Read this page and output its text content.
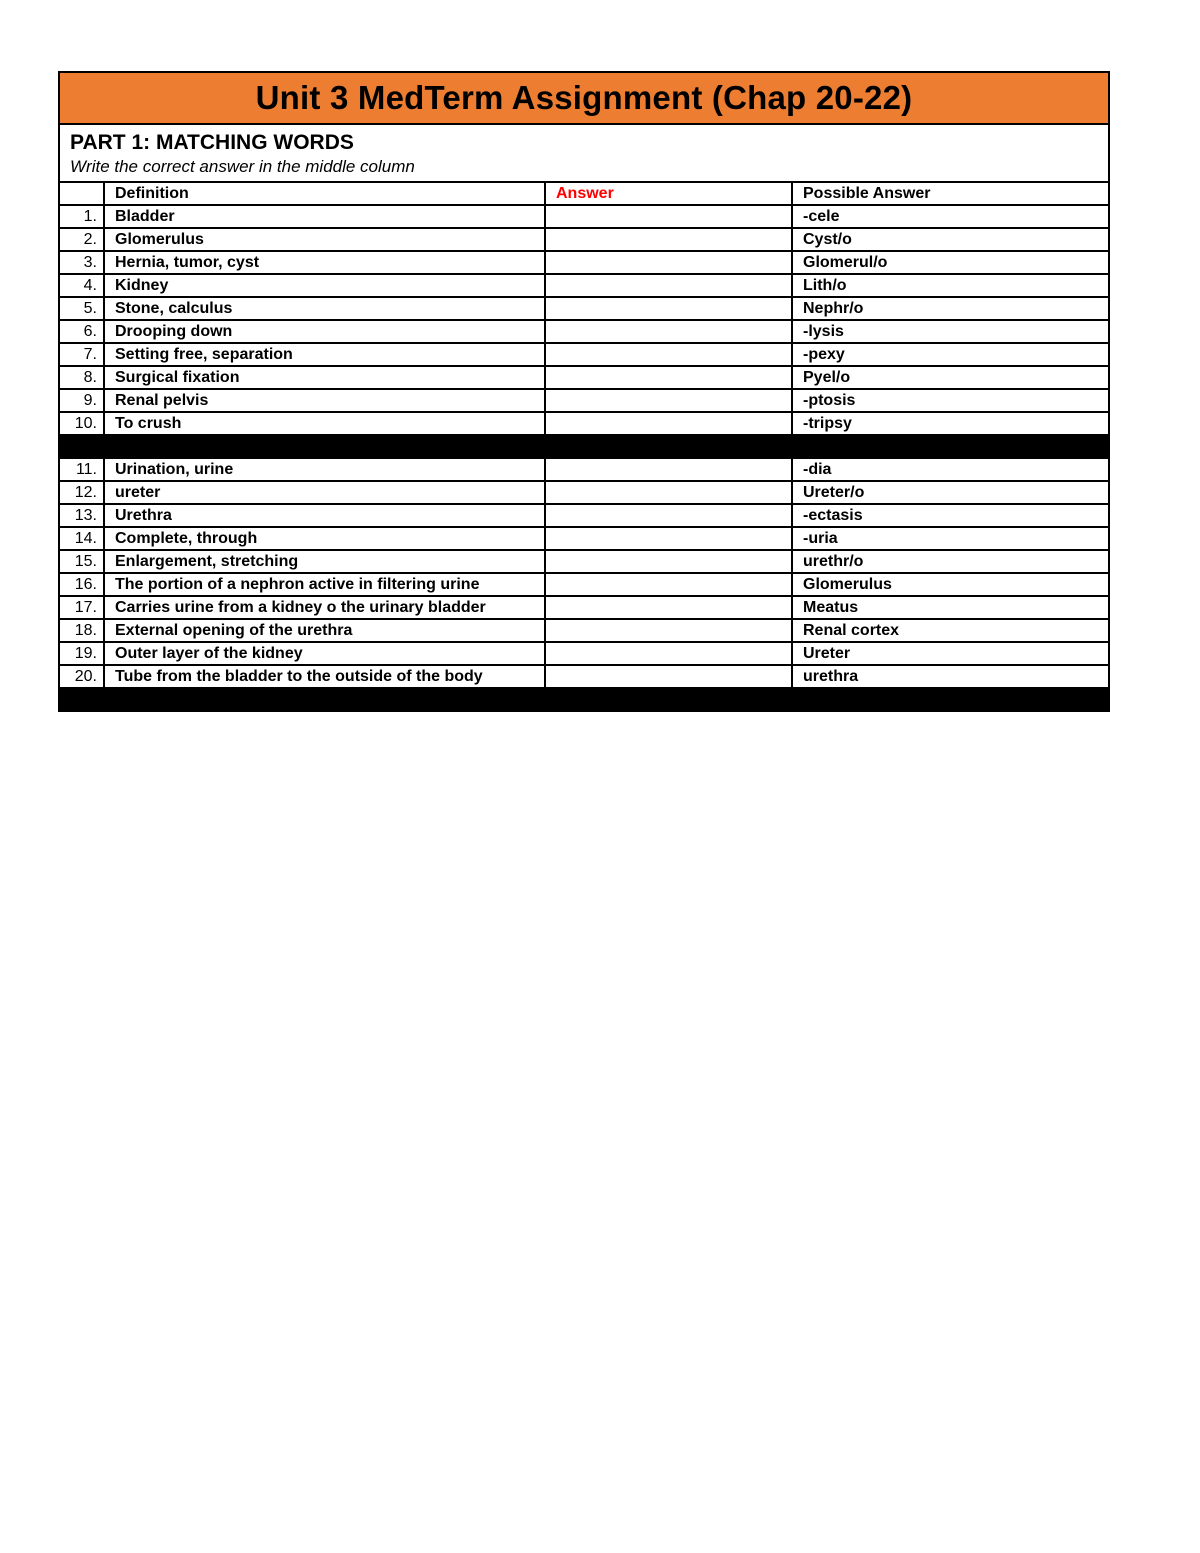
Unit 3 MedTerm Assignment (Chap 20-22)
PART 1: MATCHING WORDS
Write the correct answer in the middle column
	Definition	Answer	Possible Answer
1.	Bladder		-cele
2.	Glomerulus		Cyst/o
3.	Hernia, tumor, cyst		Glomerul/o
4.	Kidney		Lith/o
5.	Stone, calculus		Nephr/o
6.	Drooping down		-lysis
7.	Setting free, separation		-pexy
8.	Surgical fixation		Pyel/o
9.	Renal pelvis		-ptosis
10.	To crush		-tripsy

11.	Urination, urine		-dia
12.	ureter		Ureter/o
13.	Urethra		-ectasis
14.	Complete, through		-uria
15.	Enlargement, stretching		urethr/o
16.	The portion of a nephron active in filtering urine		Glomerulus
17.	Carries urine from a kidney o the urinary bladder		Meatus
18.	External opening of the urethra		Renal cortex
19.	Outer layer of the kidney		Ureter
20.	Tube from the bladder to the outside of the body		urethra
